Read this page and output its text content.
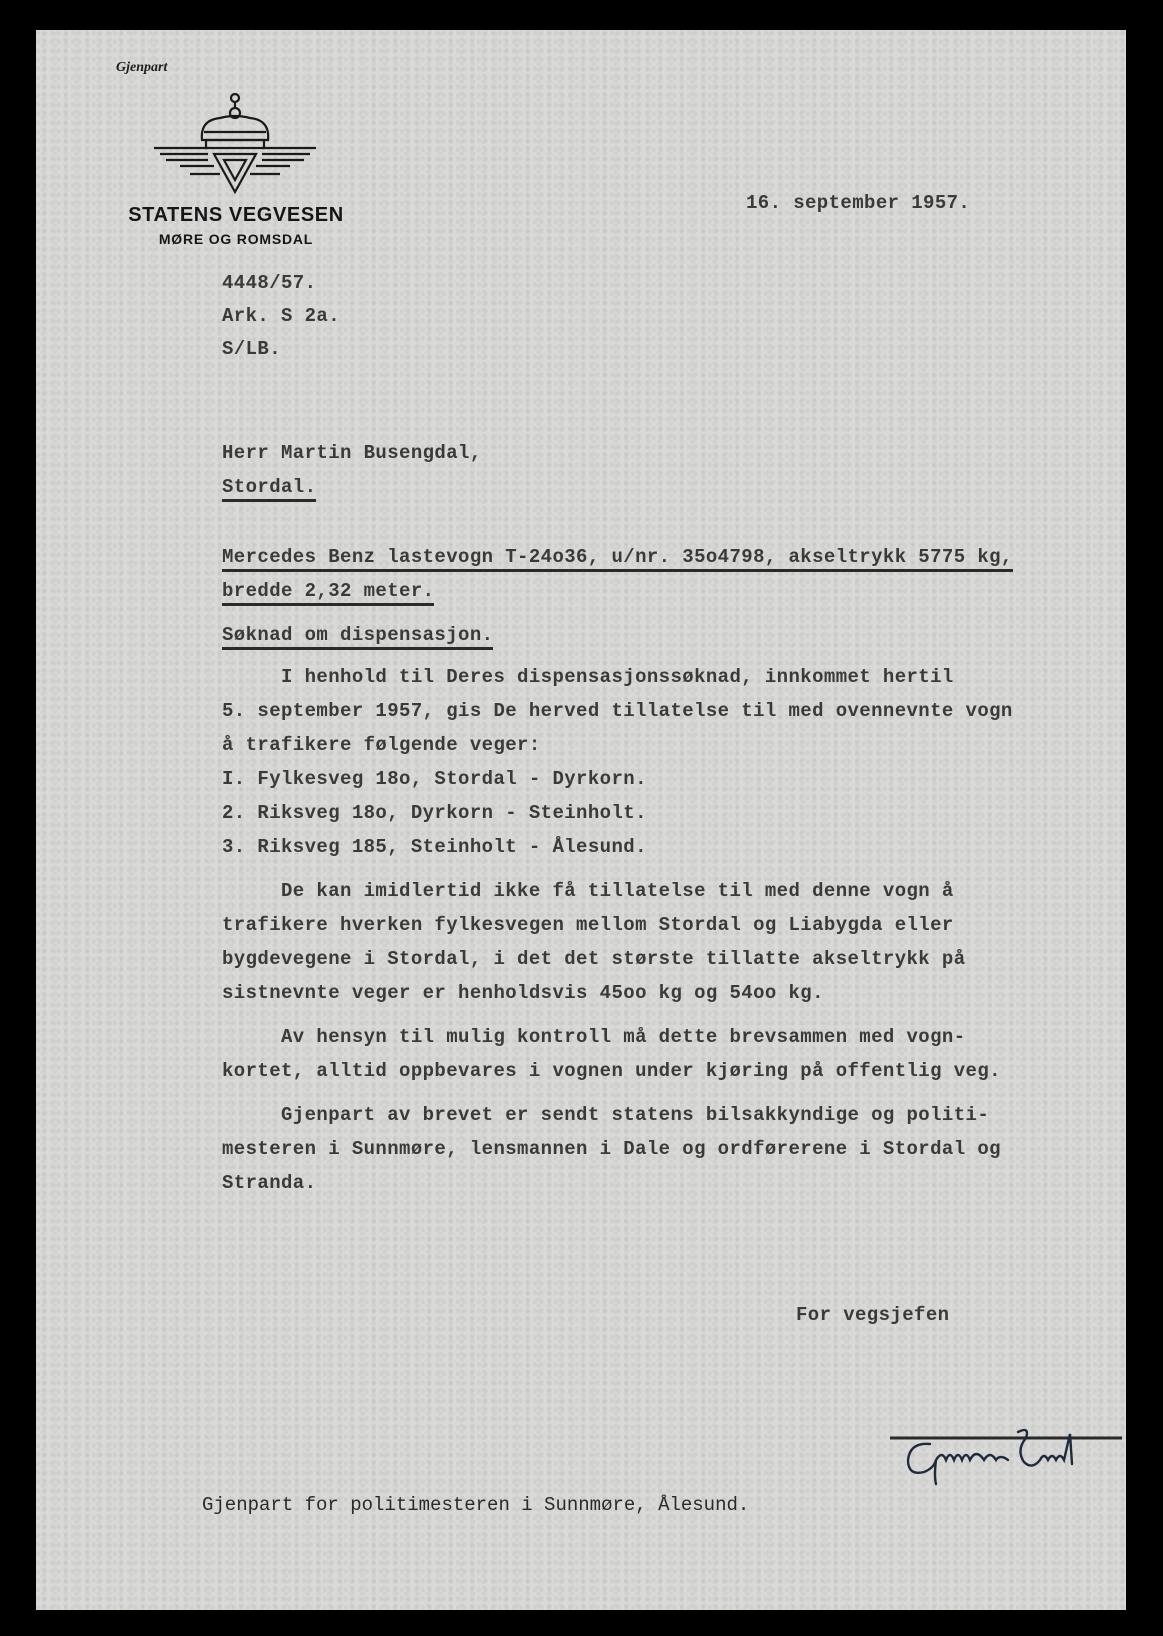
Gjenpart
STATENS VEGVESEN
MØRE OG ROMSDAL
16. september 1957.
4448/57.
Ark. S 2a.
S/LB.
Herr Martin Busengdal,
Stordal.
Mercedes Benz lastevogn T-24o36, u/nr. 35o4798, akseltrykk 5775 kg,
bredde 2,32 meter.
Søknad om dispensasjon.
I henhold til Deres dispensasjonssøknad, innkommet hertil
5. september 1957, gis De herved tillatelse til med ovennevnte vogn
å trafikere følgende veger:
I. Fylkesveg 18o, Stordal - Dyrkorn.
2. Riksveg 18o, Dyrkorn - Steinholt.
3. Riksveg 185, Steinholt - Ålesund.
De kan imidlertid ikke få tillatelse til med denne vogn å
trafikere hverken fylkesvegen mellom Stordal og Liabygda eller
bygdevegene i Stordal, i det det største tillatte akseltrykk på
sistnevnte veger er henholdsvis 45oo kg og 54oo kg.
Av hensyn til mulig kontroll må dette brevsammen med vogn-
kortet, alltid oppbevares i vognen under kjøring på offentlig veg.
Gjenpart av brevet er sendt statens bilsakkyndige og politi-
mesteren i Sunnmøre, lensmannen i Dale og ordførerene i Stordal og
Stranda.
For vegsjefen
Gjenpart for politimesteren i Sunnmøre, Ålesund.
